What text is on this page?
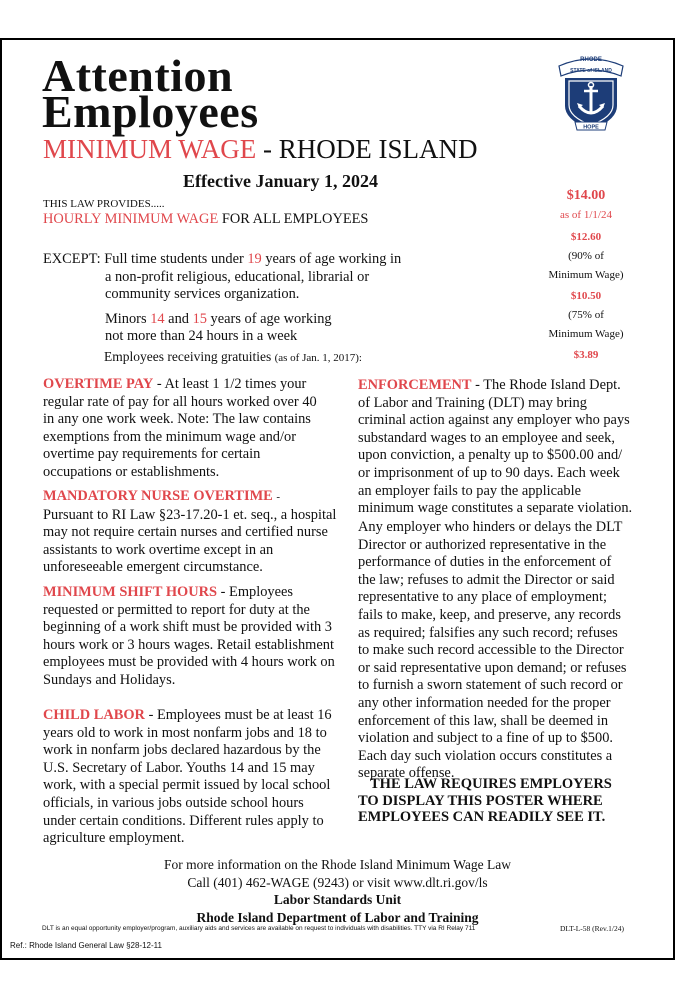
Attention
Employees
MINIMUM WAGE - RHODE ISLAND
Effective January 1, 2024
RHODE
STATE of ISLAND
HOPE
THIS LAW PROVIDES.....
HOURLY MINIMUM WAGE FOR ALL EMPLOYEES
EXCEPT: Full time students under 19 years of age working in
a non-profit religious, educational, librarial or
community services organization.
Minors 14 and 15 years of age working
not more than 24 hours in a week
Employees receiving gratuities (as of Jan. 1, 2017):
$14.00
as of 1/1/24
$12.60
(90% of
Minimum Wage)
$10.50
(75% of
Minimum Wage)
$3.89
OVERTIME PAY - At least 1 1/2 times your
regular rate of pay for all hours worked over 40
in any one work week. Note: The law contains
exemptions from the minimum wage and/or
overtime pay requirements for certain
occupations or establishments.
MANDATORY NURSE OVERTIME -
Pursuant to RI Law §23-17.20-1 et. seq., a hospital
may not require certain nurses and certified nurse
assistants to work overtime except in an
unforeseeable emergent circumstance.
MINIMUM SHIFT HOURS - Employees
requested or permitted to report for duty at the
beginning of a work shift must be provided with 3
hours work or 3 hours wages. Retail establishment
employees must be provided with 4 hours work on
Sundays and Holidays.
CHILD LABOR - Employees must be at least 16
years old to work in most nonfarm jobs and 18 to
work in nonfarm jobs declared hazardous by the
U.S. Secretary of Labor. Youths 14 and 15 may
work, with a special permit issued by local school
officials, in various jobs outside school hours
under certain conditions. Different rules apply to
agriculture employment.
ENFORCEMENT - The Rhode Island Dept.
of Labor and Training (DLT) may bring
criminal action against any employer who pays
substandard wages to an employee and seek,
upon conviction, a penalty up to $500.00 and/
or imprisonment of up to 90 days. Each week
an employer fails to pay the applicable
minimum wage constitutes a separate violation.
Any employer who hinders or delays the DLT
Director or authorized representative in the
performance of duties in the enforcement of
the law; refuses to admit the Director or said
representative to any place of employment;
fails to make, keep, and preserve, any records
as required; falsifies any such record; refuses
to make such record accessible to the Director
or said representative upon demand; or refuses
to furnish a sworn statement of such record or
any other information needed for the proper
enforcement of this law, shall be deemed in
violation and subject to a fine of up to $500.
Each day such violation occurs constitutes a
separate offense.
THE LAW REQUIRES EMPLOYERS
TO DISPLAY THIS POSTER WHERE
EMPLOYEES CAN READILY SEE IT.
For more information on the Rhode Island Minimum Wage Law
Call (401) 462-WAGE (9243) or visit www.dlt.ri.gov/ls
Labor Standards Unit
Rhode Island Department of Labor and Training
DLT is an equal opportunity employer/program, auxiliary aids and services are available on request to individuals with disabilities. TTY via RI Relay 711	DLT-L-58 (Rev.1/24)
Ref.: Rhode Island General Law §28-12-11
